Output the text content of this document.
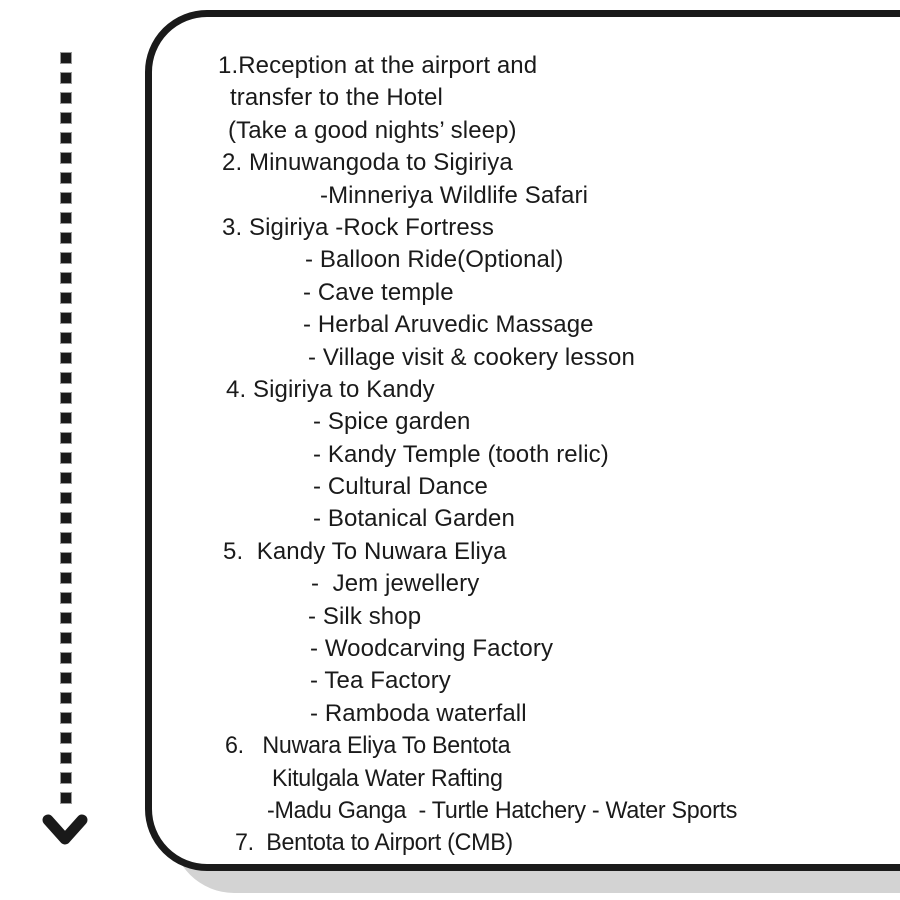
1.Reception at the airport and
transfer to the Hotel
(Take a good nights’ sleep)
2. Minuwangoda to Sigiriya
-Minneriya Wildlife Safari
3. Sigiriya -Rock Fortress
- Balloon Ride(Optional)
- Cave temple
- Herbal Aruvedic Massage
- Village visit & cookery lesson
4. Sigiriya to Kandy
- Spice garden
- Kandy Temple (tooth relic)
- Cultural Dance
- Botanical Garden
5.  Kandy To Nuwara Eliya
-  Jem jewellery
- Silk shop
- Woodcarving Factory
- Tea Factory
- Ramboda waterfall
6.   Nuwara Eliya To Bentota
Kitulgala Water Rafting
-Madu Ganga  - Turtle Hatchery - Water Sports
7.  Bentota to Airport (CMB)
